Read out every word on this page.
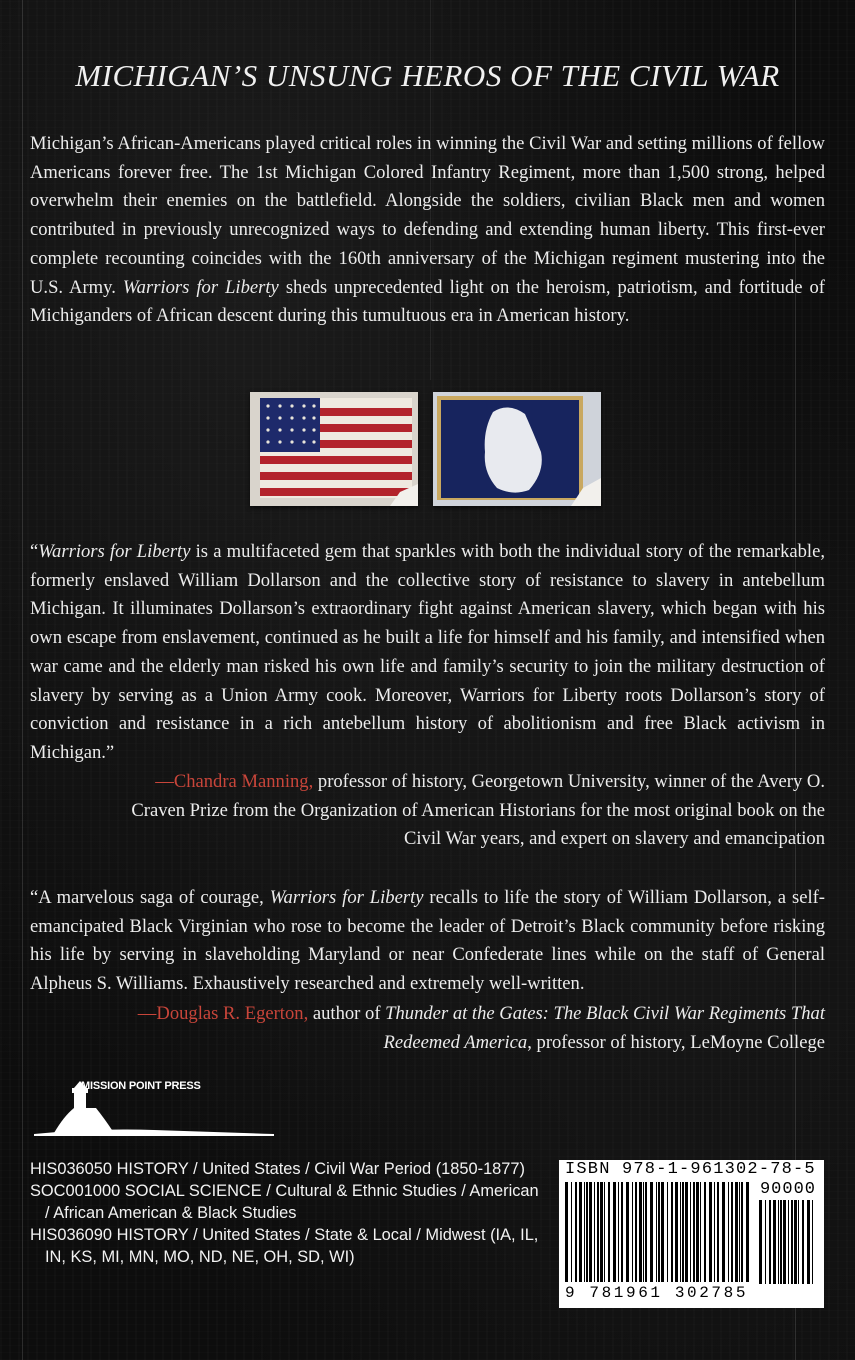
MICHIGAN’S UNSUNG HEROS OF THE CIVIL WAR

Michigan’s African-Americans played critical roles in winning the Civil War and setting millions of fellow Americans forever free. The 1st Michigan Colored Infantry Regiment, more than 1,500 strong, helped overwhelm their enemies on the battlefield. Alongside the soldiers, civilian Black men and women contributed in previously unrecognized ways to defending and extending human liberty. This first-ever complete recounting coincides with the 160th anniversary of the Michigan regiment mustering into the U.S. Army. Warriors for Liberty sheds unprecedented light on the heroism, patriotism, and fortitude of Michiganders of African descent during this tumultuous era in American history.

“Warriors for Liberty is a multifaceted gem that sparkles with both the individual story of the remarkable, formerly enslaved William Dollarson and the collective story of resistance to slavery in antebellum Michigan. It illuminates Dollarson’s extraordinary fight against American slavery, which began with his own escape from enslavement, continued as he built a life for himself and his family, and intensified when war came and the elderly man risked his own life and family’s security to join the military destruction of slavery by serving as a Union Army cook. Moreover, Warriors for Liberty roots Dollarson’s story of conviction and resistance in a rich antebellum history of abolitionism and free Black activism in Michigan.”

—Chandra Manning, professor of history, Georgetown University, winner of the Avery O. Craven Prize from the Organization of American Historians for the most original book on the Civil War years, and expert on slavery and emancipation

“A marvelous saga of courage, Warriors for Liberty recalls to life the story of William Dollarson, a self-emancipated Black Virginian who rose to become the leader of Detroit’s Black community before risking his life by serving in slaveholding Maryland or near Confederate lines while on the staff of General Alpheus S. Williams. Exhaustively researched and extremely well-written.

—Douglas R. Egerton, author of Thunder at the Gates: The Black Civil War Regiments That Redeemed America, professor of history, LeMoyne College

MISSION POINT PRESS
HIS036050 HISTORY / United States / Civil War Period (1850-1877)
SOC001000 SOCIAL SCIENCE / Cultural & Ethnic Studies / American / African American & Black Studies
HIS036090 HISTORY / United States / State & Local / Midwest (IA, IL, IN, KS, MI, MN, MO, ND, NE, OH, SD, WI)
ISBN 978-1-961302-78-5
90000
9 781961 302785
